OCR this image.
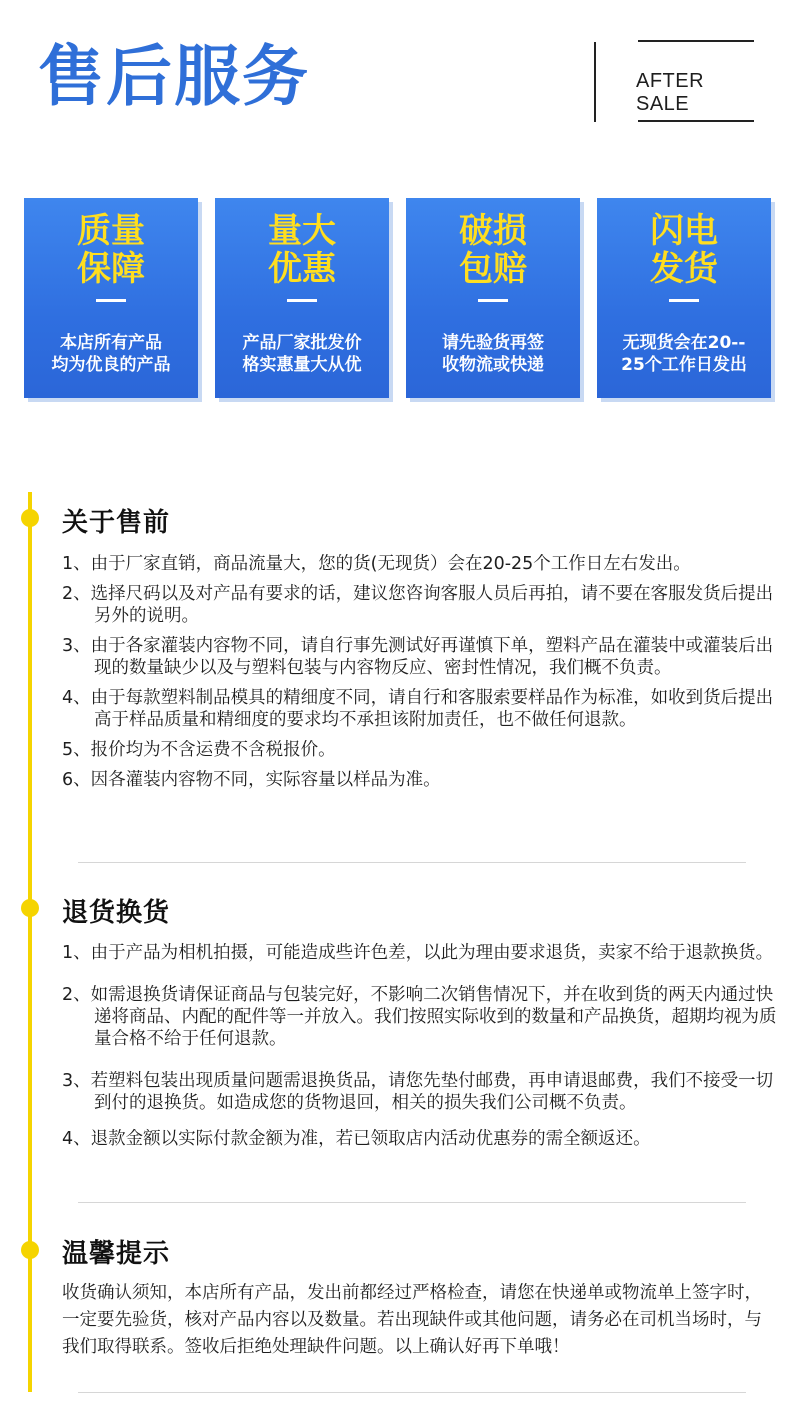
售后服务	AFTER SALE
质量
保障
本店所有产品
均为优良的产品
量大
优惠
产品厂家批发价
格实惠量大从优
破损
包赔
请先验货再签
收物流或快递
闪电
发货
无现货会在20--
25个工作日发出
关于售前
1、由于厂家直销，商品流量大，您的货(无现货）会在20-25个工作日左右发出。
2、选择尺码以及对产品有要求的话，建议您咨询客服人员后再拍，请不要在客服发货后提出另外的说明。
3、由于各家灌装内容物不同，请自行事先测试好再谨慎下单，塑料产品在灌装中或灌装后出现的数量缺少以及与塑料包装与内容物反应、密封性情况，我们概不负责。
4、由于每款塑料制品模具的精细度不同，请自行和客服索要样品作为标准，如收到货后提出高于样品质量和精细度的要求均不承担该附加责任，也不做任何退款。
5、报价均为不含运费不含税报价。
6、因各灌装内容物不同，实际容量以样品为准。
退货换货
1、由于产品为相机拍摄，可能造成些许色差，以此为理由要求退货，卖家不给于退款换货。
2、如需退换货请保证商品与包装完好，不影响二次销售情况下，并在收到货的两天内通过快递将商品、内配的配件等一并放入。我们按照实际收到的数量和产品换货，超期均视为质量合格不给于任何退款。
3、若塑料包装出现质量问题需退换货品，请您先垫付邮费，再申请退邮费，我们不接受一切到付的退换货。如造成您的货物退回，相关的损失我们公司概不负责。
4、退款金额以实际付款金额为准，若已领取店内活动优惠券的需全额返还。
温馨提示
收货确认须知，本店所有产品，发出前都经过严格检查，请您在快递单或物流单上签字时，一定要先验货，核对产品内容以及数量。若出现缺件或其他问题，请务必在司机当场时，与我们取得联系。签收后拒绝处理缺件问题。以上确认好再下单哦！
